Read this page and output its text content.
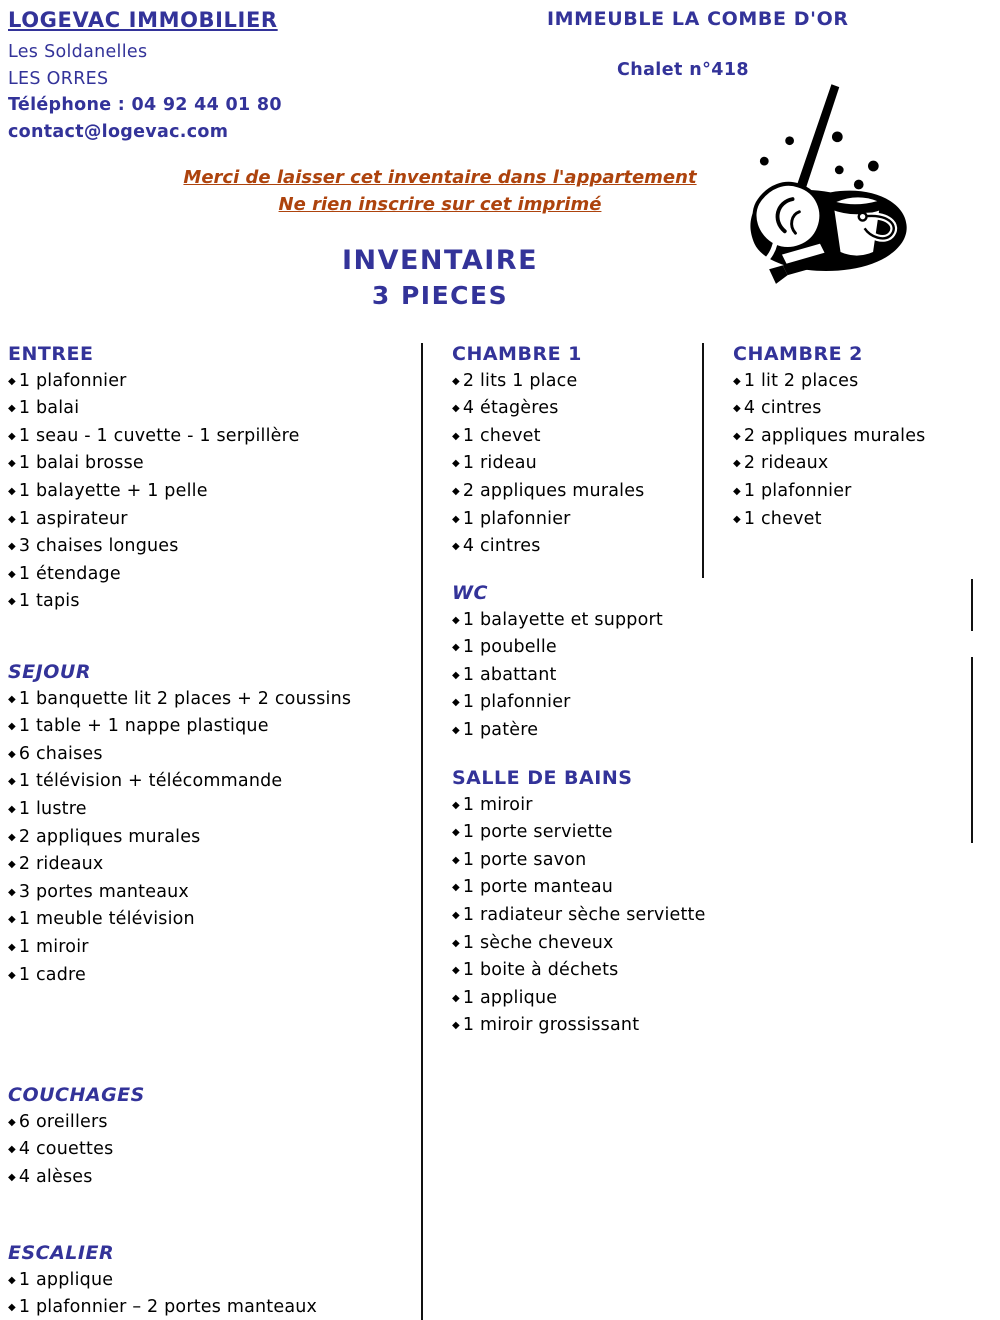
LOGEVAC IMMOBILIER
Les Soldanelles
LES ORRES
Téléphone : 04 92 44 01 80
contact@logevac.com
IMMEUBLE LA COMBE D'OR
Chalet n°418
Merci de laisser cet inventaire dans l'appartement
Ne rien inscrire sur cet imprimé
INVENTAIRE
3 PIECES
ENTREE
◆ 1 plafonnier
◆ 1 balai
◆ 1 seau - 1 cuvette - 1 serpillère
◆ 1 balai brosse
◆ 1 balayette + 1 pelle
◆ 1 aspirateur
◆ 3 chaises longues
◆ 1 étendage
◆ 1 tapis
SEJOUR
◆ 1 banquette lit 2 places + 2 coussins
◆ 1 table + 1 nappe plastique
◆ 6 chaises
◆ 1 télévision + télécommande
◆ 1 lustre
◆ 2 appliques murales
◆ 2 rideaux
◆ 3 portes manteaux
◆ 1 meuble télévision
◆ 1 miroir
◆ 1 cadre
COUCHAGES
◆ 6 oreillers
◆ 4 couettes
◆ 4 alèses
ESCALIER
◆ 1 applique
◆ 1 plafonnier – 2 portes manteaux
CHAMBRE 1
◆ 2 lits 1 place
◆ 4 étagères
◆ 1 chevet
◆ 1 rideau
◆ 2 appliques murales
◆ 1 plafonnier
◆ 4 cintres
WC
◆ 1 balayette et support
◆ 1 poubelle
◆ 1 abattant
◆ 1 plafonnier
◆ 1 patère
SALLE DE BAINS
◆ 1 miroir
◆ 1 porte serviette
◆ 1 porte savon
◆ 1 porte manteau
◆ 1 radiateur sèche serviette
◆ 1 sèche cheveux
◆ 1 boite à déchets
◆ 1 applique
◆ 1 miroir grossissant
CHAMBRE 2
◆ 1 lit 2 places
◆ 4 cintres
◆ 2 appliques murales
◆ 2 rideaux
◆ 1 plafonnier
◆ 1 chevet
